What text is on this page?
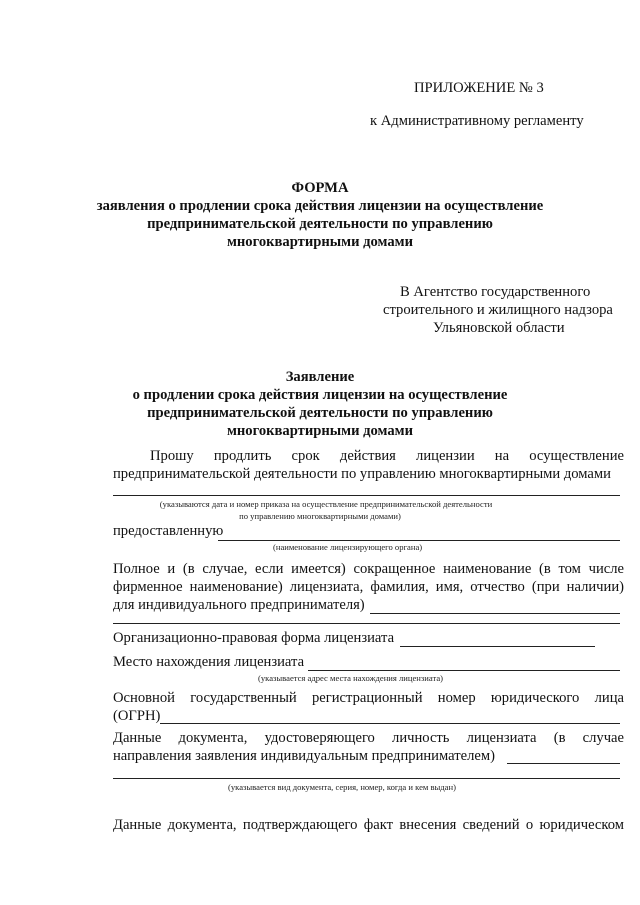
ПРИЛОЖЕНИЕ № 3
к Административному регламенту
ФОРМА
заявления о продлении срока действия лицензии на осуществление
предпринимательской деятельности по управлению
многоквартирными домами
В Агентство государственного
строительного и жилищного надзора
Ульяновской области
Заявление
о продлении срока действия лицензии на осуществление
предпринимательской деятельности по управлению
многоквартирными домами
Прошу продлить срок действия лицензии на осуществление
предпринимательской деятельности по управлению многоквартирными домами
(указываются дата и номер приказа на осуществление предпринимательской деятельности
по управлению многоквартирными домами)
предоставленную
(наименование лицензирующего органа)
Полное и (в случае, если имеется) сокращенное наименование (в том числе
фирменное наименование) лицензиата, фамилия, имя, отчество (при наличии)
для индивидуального предпринимателя)
Организационно-правовая форма лицензиата
Место нахождения лицензиата
(указывается адрес места нахождения лицензиата)
Основной государственный регистрационный номер юридического лица
(ОГРН)
Данные документа, удостоверяющего личность лицензиата (в случае
направления заявления индивидуальным предпринимателем)
(указывается вид документа, серия, номер, когда и кем выдан)
Данные документа, подтверждающего факт внесения сведений о юридическом
